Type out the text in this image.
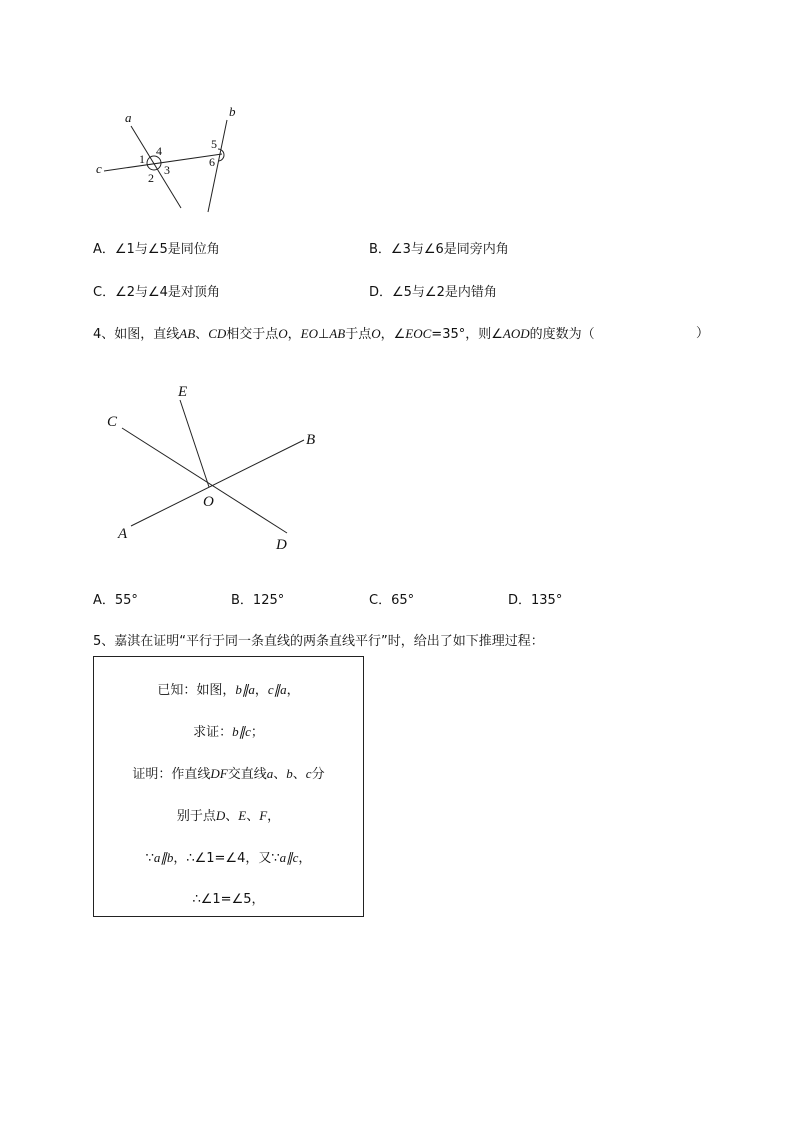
a	b
c
1
4
2
3
5
6
A．∠1与∠5是同位角	B．∠3与∠6是同旁内角
C．∠2与∠4是对顶角	D．∠5与∠2是内错角
4、如图，直线AB、CD相交于点O，EO⊥AB于点O，∠EOC=35°，则∠AOD的度数为（	）
E
C
B
O
A
D
A．55°	B．125°	C．65°	D．135°
5、嘉淇在证明“平行于同一条直线的两条直线平行”时，给出了如下推理过程：
已知：如图，b∥a，c∥a，
求证：b∥c；
证明：作直线DF交直线a、b、c分
别于点D、E、F，
∵a∥b，∴∠1=∠4，又∵a∥c，
∴∠1=∠5，
